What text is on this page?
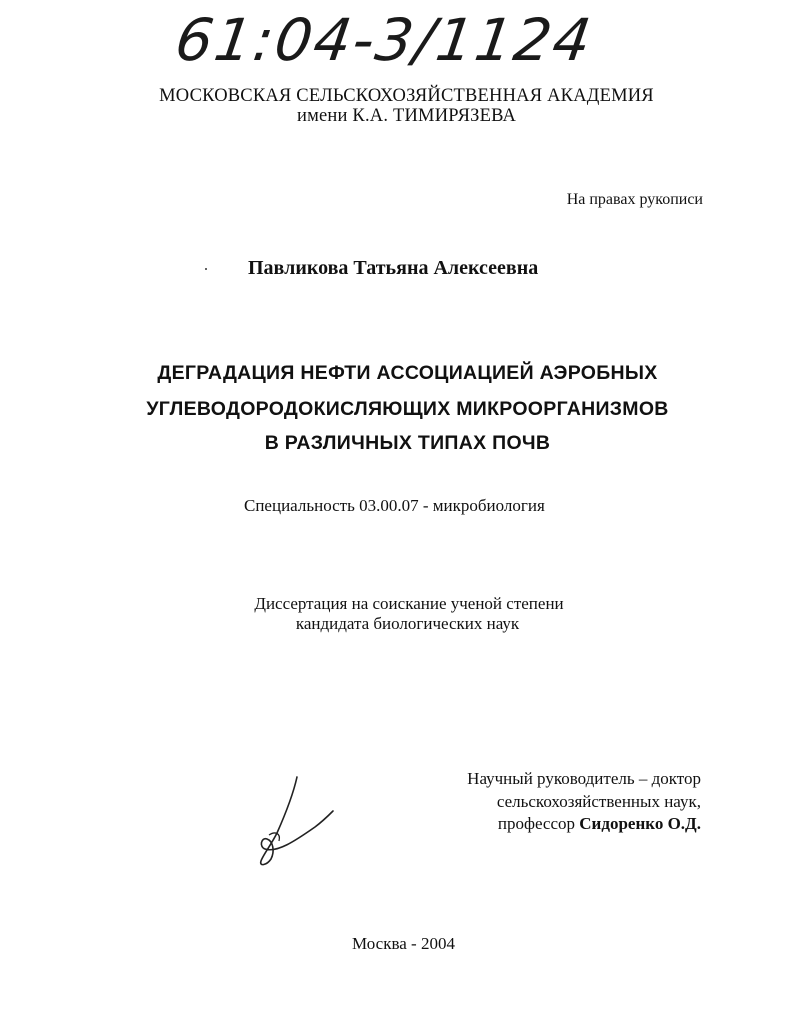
61:04-3/1124
МОСКОВСКАЯ СЕЛЬСКОХОЗЯЙСТВЕННАЯ АКАДЕМИЯ
имени К.А. ТИМИРЯЗЕВА
На правах рукописи
Павликова Татьяна Алексеевна
ДЕГРАДАЦИЯ НЕФТИ АССОЦИАЦИЕЙ АЭРОБНЫХ
УГЛЕВОДОРОДОКИСЛЯЮЩИХ МИКРООРГАНИЗМОВ
В РАЗЛИЧНЫХ ТИПАХ ПОЧВ
Специальность 03.00.07 - микробиология
Диссертация на соискание ученой степени
кандидата биологических наук
Научный руководитель – доктор
сельскохозяйственных наук,
профессор Сидоренко О.Д.
Москва - 2004
